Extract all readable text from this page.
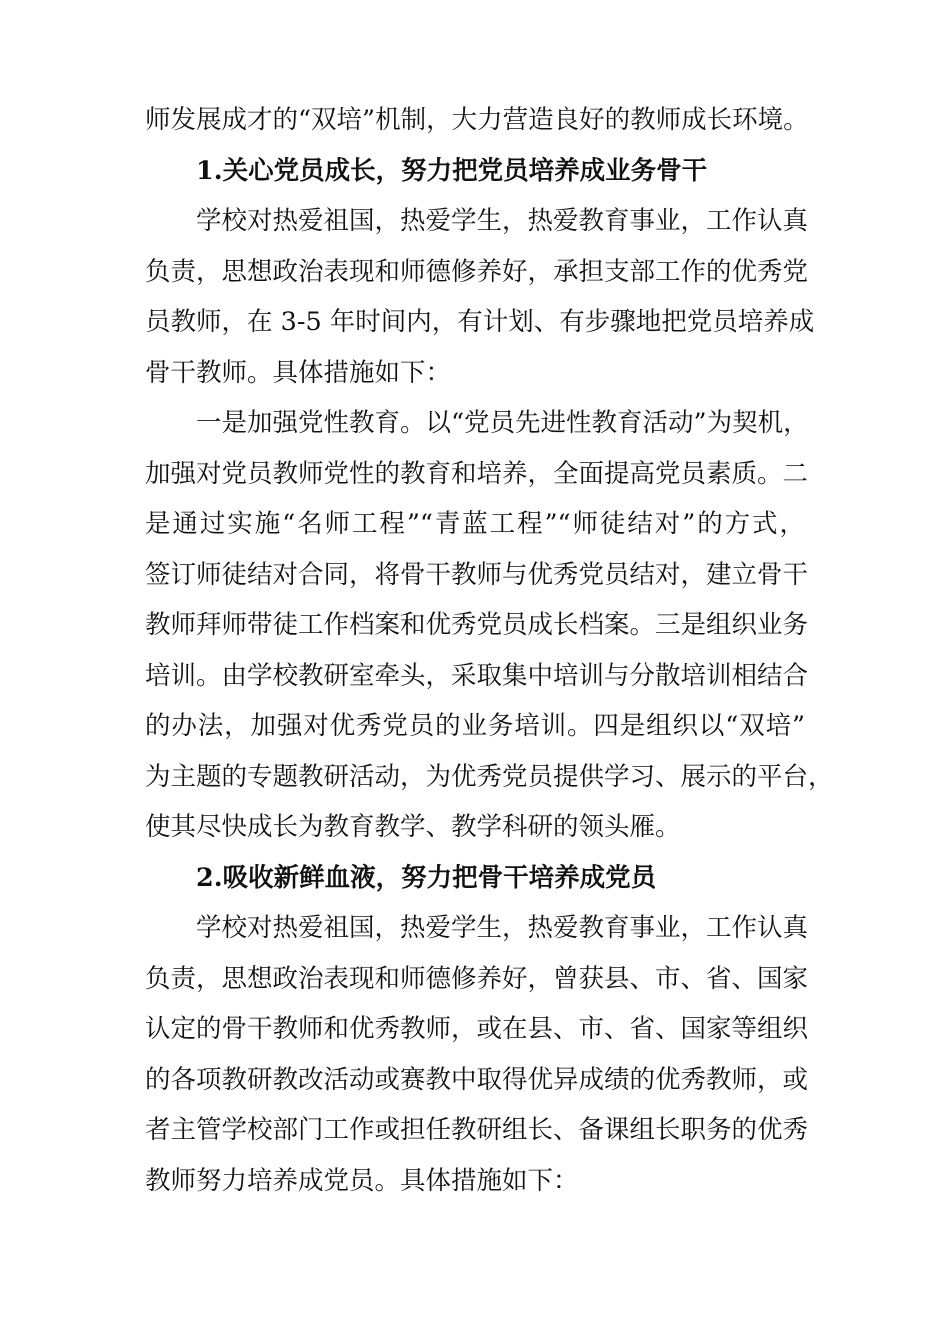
师发展成才的“双培”机制，大力营造良好的教师成长环境。
1.关心党员成长，努力把党员培养成业务骨干
学校对热爱祖国，热爱学生，热爱教育事业，工作认真
负责，思想政治表现和师德修养好，承担支部工作的优秀党
员教师，在 3-5 年时间内，有计划、有步骤地把党员培养成
骨干教师。具体措施如下：
一是加强党性教育。以“党员先进性教育活动”为契机，
加强对党员教师党性的教育和培养，全面提高党员素质。二
是通过实施“名师工程”“青蓝工程”“师徒结对”的方式，
签订师徒结对合同，将骨干教师与优秀党员结对，建立骨干
教师拜师带徒工作档案和优秀党员成长档案。三是组织业务
培训。由学校教研室牵头，采取集中培训与分散培训相结合
的办法，加强对优秀党员的业务培训。四是组织以“双培”
为主题的专题教研活动，为优秀党员提供学习、展示的平台，
使其尽快成长为教育教学、教学科研的领头雁。
2.吸收新鲜血液，努力把骨干培养成党员
学校对热爱祖国，热爱学生，热爱教育事业，工作认真
负责，思想政治表现和师德修养好，曾获县、市、省、国家
认定的骨干教师和优秀教师，或在县、市、省、国家等组织
的各项教研教改活动或赛教中取得优异成绩的优秀教师，或
者主管学校部门工作或担任教研组长、备课组长职务的优秀
教师努力培养成党员。具体措施如下：
